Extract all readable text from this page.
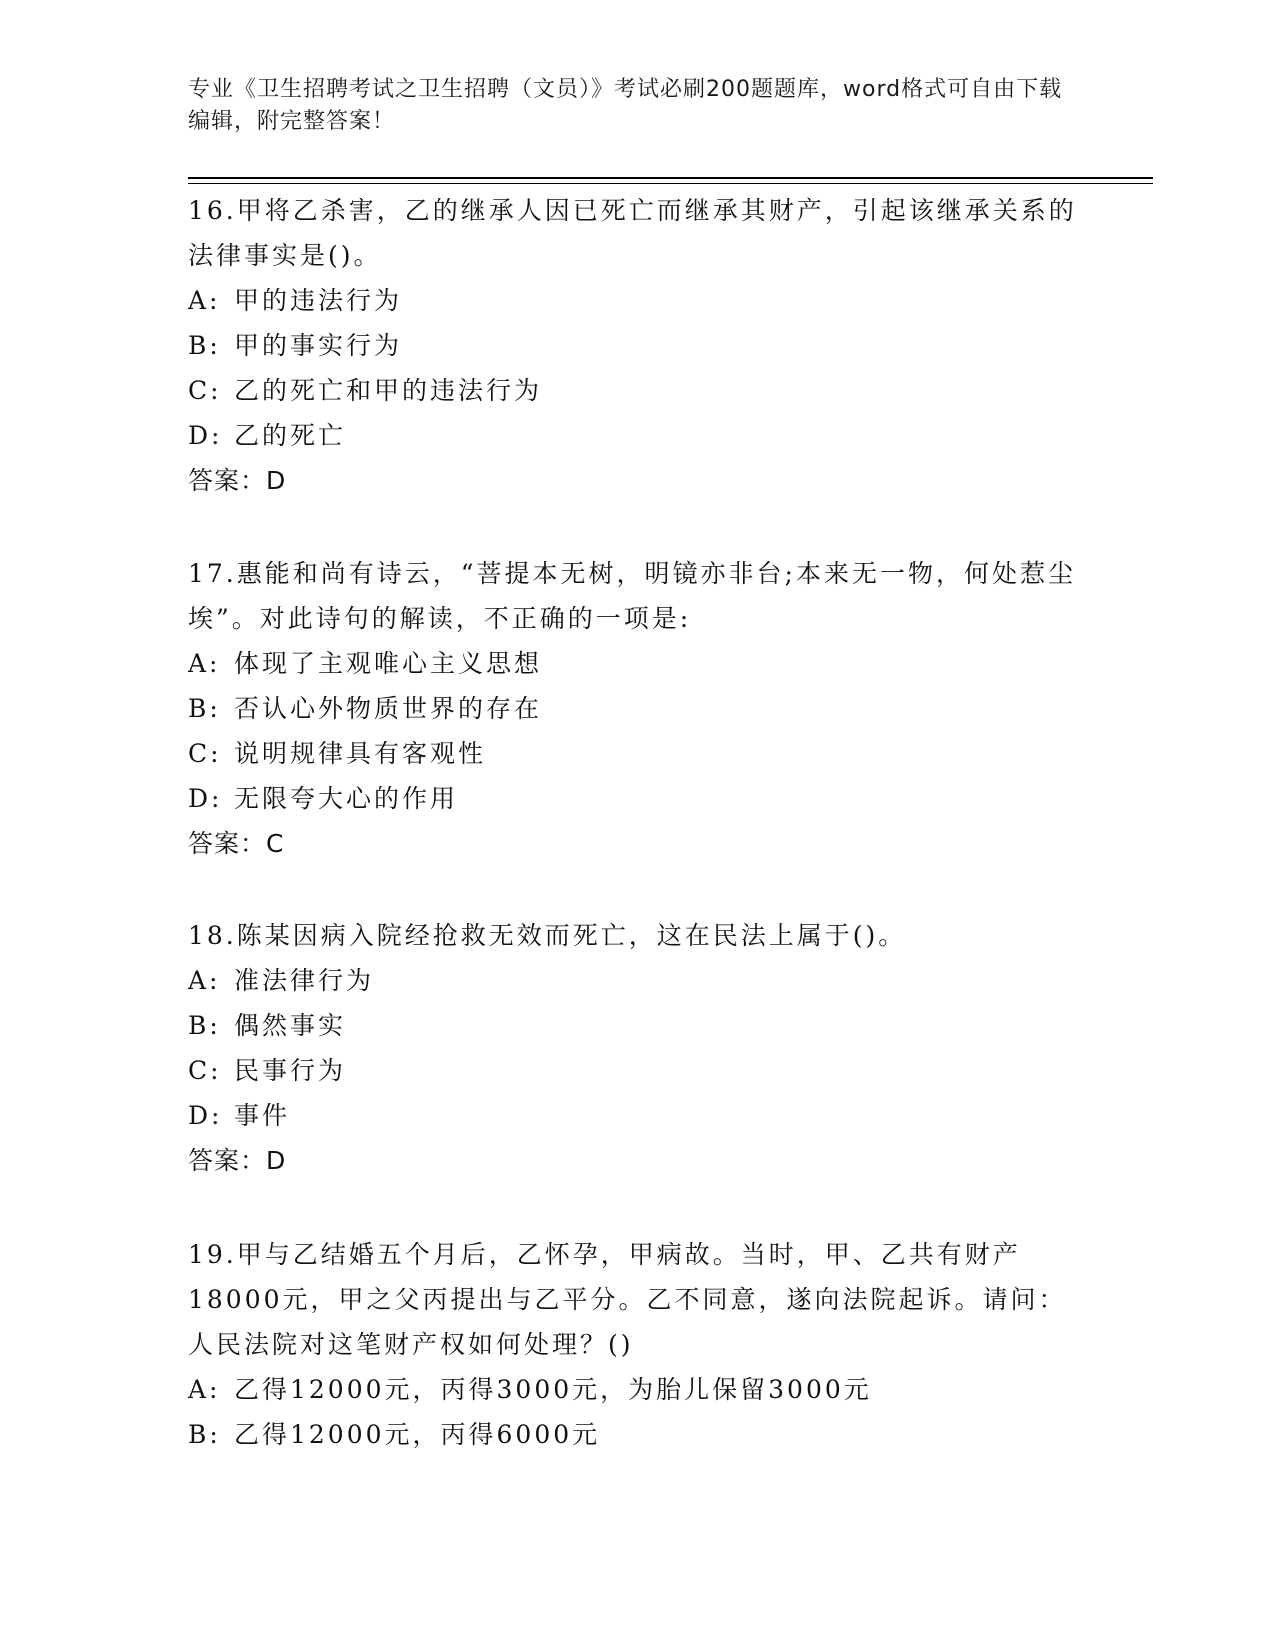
专业《卫生招聘考试之卫生招聘（文员）》考试必刷200题题库，word格式可自由下载编辑，附完整答案！

16.甲将乙杀害，乙的继承人因已死亡而继承其财产，引起该继承关系的法律事实是()。

A: 甲的违法行为

B: 甲的事实行为

C: 乙的死亡和甲的违法行为

D: 乙的死亡

答案：D

17.惠能和尚有诗云，“菩提本无树，明镜亦非台;本来无一物，何处惹尘埃”。对此诗句的解读，不正确的一项是:

A: 体现了主观唯心主义思想

B: 否认心外物质世界的存在

C: 说明规律具有客观性

D: 无限夸大心的作用

答案：C

18.陈某因病入院经抢救无效而死亡，这在民法上属于()。

A: 准法律行为

B: 偶然事实

C: 民事行为

D: 事件

答案：D

19.甲与乙结婚五个月后，乙怀孕，甲病故。当时，甲、乙共有财产18000元，甲之父丙提出与乙平分。乙不同意，遂向法院起诉。请问：人民法院对这笔财产权如何处理？()

A: 乙得12000元，丙得3000元，为胎儿保留3000元

B: 乙得12000元，丙得6000元
